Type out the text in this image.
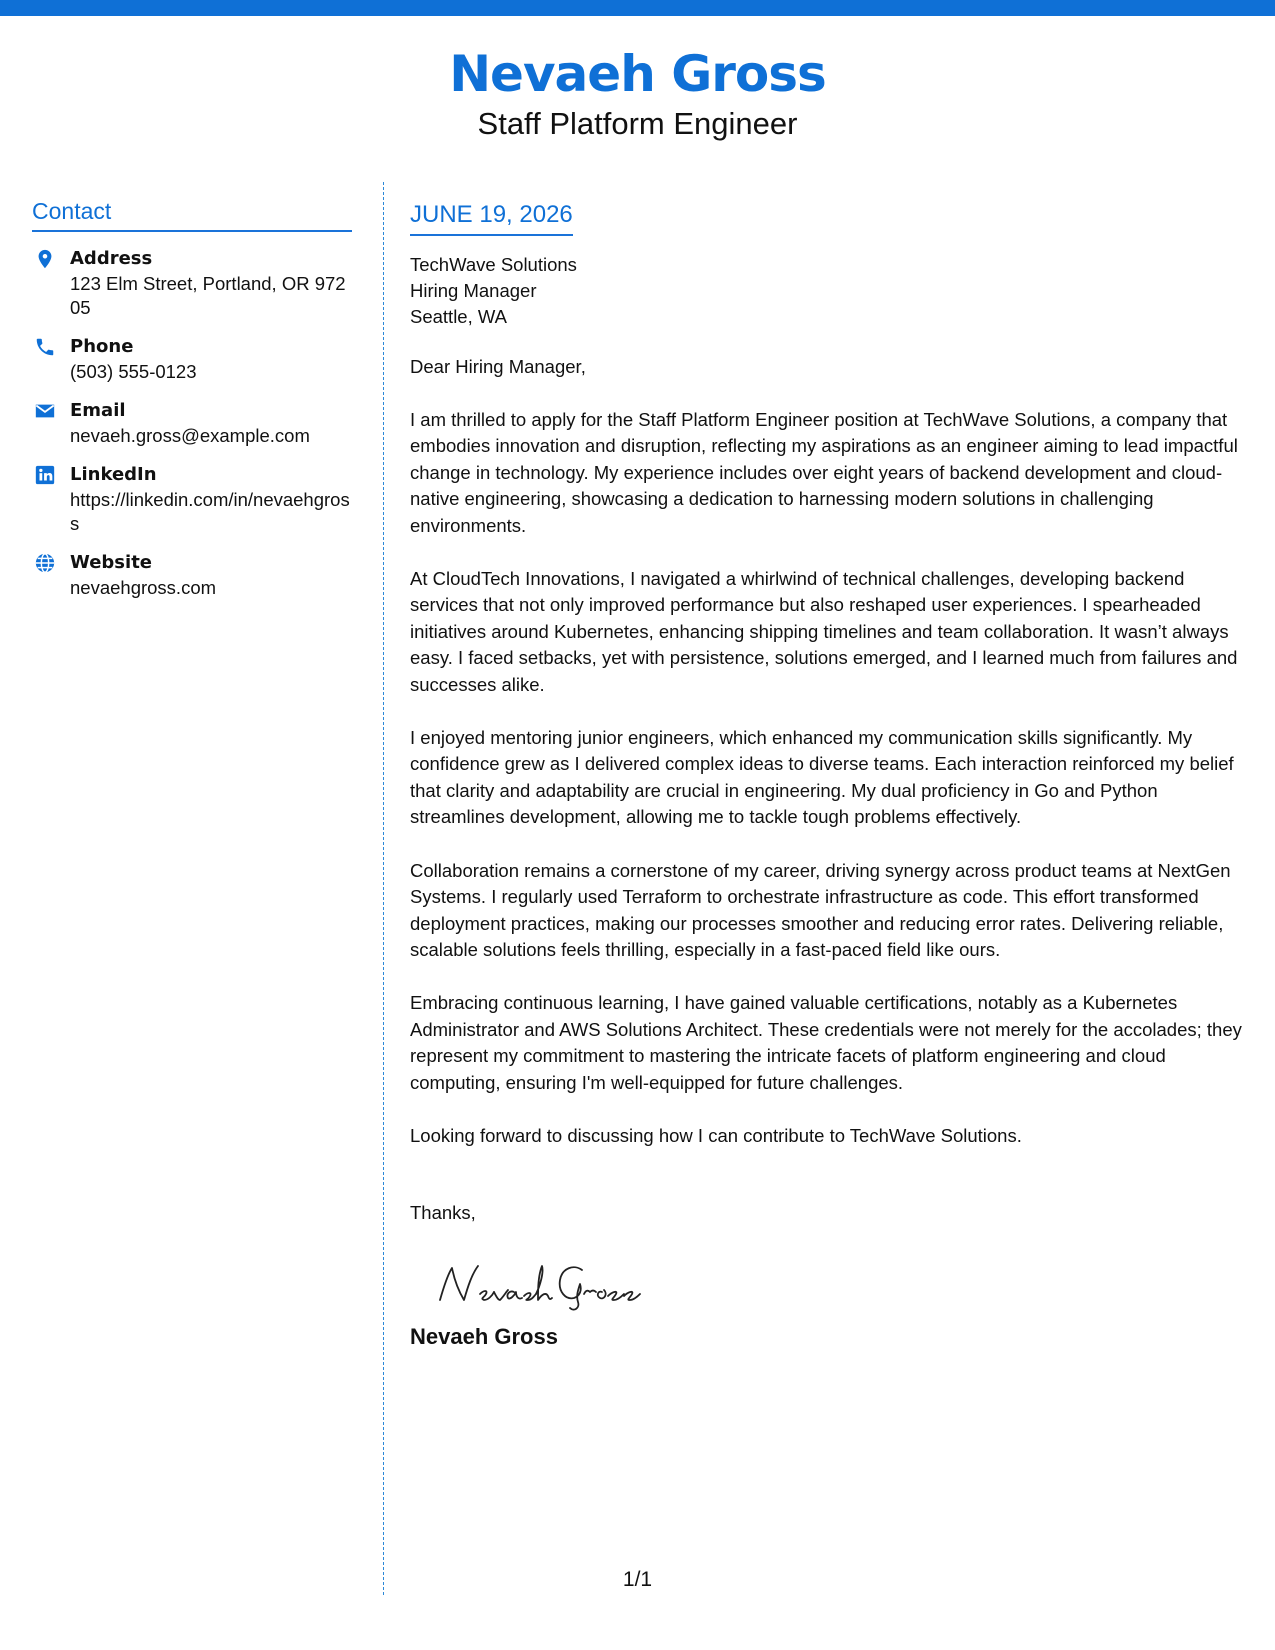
Nevaeh Gross
Staff Platform Engineer
Contact
Address
123 Elm Street, Portland, OR 97205
Phone
(503) 555-0123
Email
nevaeh.gross@example.com
LinkedIn
https://linkedin.com/in/nevaehgross
Website
nevaehgross.com
JUNE 19, 2026
TechWave Solutions
Hiring Manager
Seattle, WA
Dear Hiring Manager,
I am thrilled to apply for the Staff Platform Engineer position at TechWave Solutions, a company that embodies innovation and disruption, reflecting my aspirations as an engineer aiming to lead impactful change in technology. My experience includes over eight years of backend development and cloud-native engineering, showcasing a dedication to harnessing modern solutions in challenging environments.
At CloudTech Innovations, I navigated a whirlwind of technical challenges, developing backend services that not only improved performance but also reshaped user experiences. I spearheaded initiatives around Kubernetes, enhancing shipping timelines and team collaboration. It wasn’t always easy. I faced setbacks, yet with persistence, solutions emerged, and I learned much from failures and successes alike.
I enjoyed mentoring junior engineers, which enhanced my communication skills significantly. My confidence grew as I delivered complex ideas to diverse teams. Each interaction reinforced my belief that clarity and adaptability are crucial in engineering. My dual proficiency in Go and Python streamlines development, allowing me to tackle tough problems effectively.
Collaboration remains a cornerstone of my career, driving synergy across product teams at NextGen Systems. I regularly used Terraform to orchestrate infrastructure as code. This effort transformed deployment practices, making our processes smoother and reducing error rates. Delivering reliable, scalable solutions feels thrilling, especially in a fast-paced field like ours.
Embracing continuous learning, I have gained valuable certifications, notably as a Kubernetes Administrator and AWS Solutions Architect. These credentials were not merely for the accolades; they represent my commitment to mastering the intricate facets of platform engineering and cloud computing, ensuring I'm well-equipped for future challenges.
Looking forward to discussing how I can contribute to TechWave Solutions.
Thanks,
Nevaeh Gross
1/1
